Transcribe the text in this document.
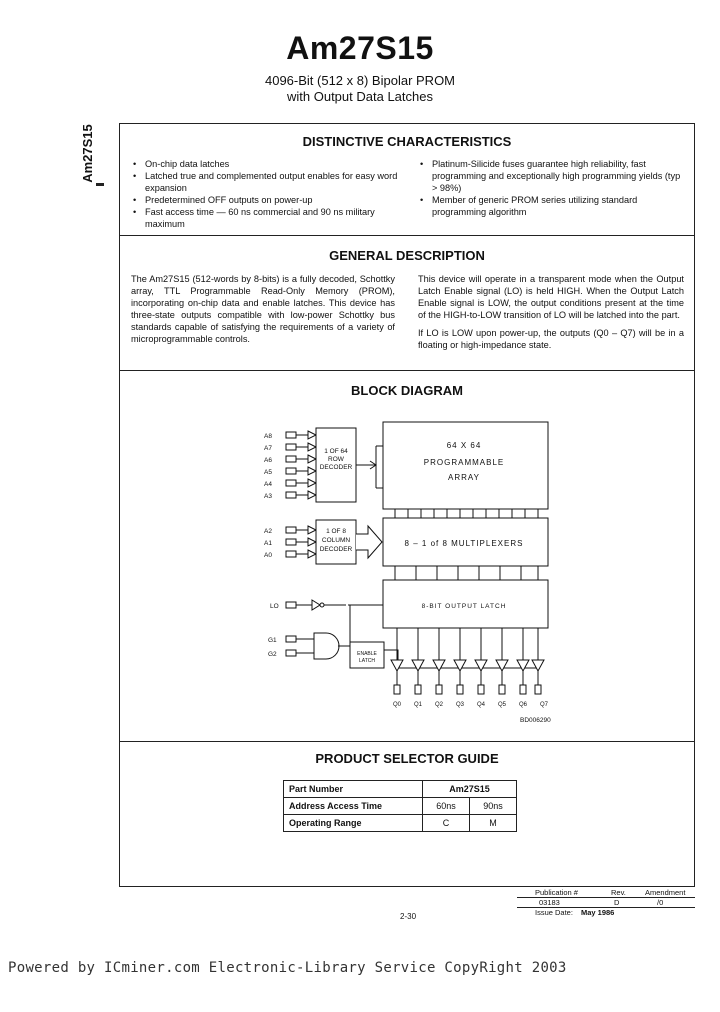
Am27S15
4096-Bit (512 x 8) Bipolar PROM
with Output Data Latches
Am27S15	DISTINCTIVE CHARACTERISTICS
• On-chip data latches
• Latched true and complemented output enables for easy word expansion
• Predetermined OFF outputs on power-up
• Fast access time — 60 ns commercial and 90 ns military maximum
• Platinum-Silicide fuses guarantee high reliability, fast programming and exceptionally high programming yields (typ > 98%)
• Member of generic PROM series utilizing standard programming algorithm
GENERAL DESCRIPTION

The Am27S15 (512-words by 8-bits) is a fully decoded, Schottky array, TTL Programmable Read-Only Memory (PROM), incorporating on-chip data and enable latches. This device has three-state outputs compatible with low-power Schottky bus standards capable of satisfying the requirements of a variety of microprogrammable controls.

This device will operate in a transparent mode when the Output Latch Enable signal (LO) is held HIGH. When the Output Latch Enable signal is LOW, the output conditions present at the time of the HIGH-to-LOW transition of LO will be latched into the part.

If LO is LOW upon power-up, the outputs (Q0 – Q7) will be in a floating or high-impedance state.

BLOCK DIAGRAM
A8
A7
A6
A5
A4
A3
1 OF 64
ROW
DECODER
64 X 64
PROGRAMMABLE
ARRAY
A2
A1
A0
1 OF 8
COLUMN
DECODER
8 – 1 of 8 MULTIPLEXERS
8-BIT OUTPUT LATCH
LO
G1
G2	ENABLE
LATCH
Q0 Q1 Q2 Q3 Q4 Q5 Q6 Q7
BD006290
PRODUCT SELECTOR GUIDE
Part Number	Am27S15	
Address Access Time	60ns	90ns
Operating Range	C	M
Publication #	Rev.	Amendment
03183	D	/0
Issue Date: May 1986
2-30
Powered by ICminer.com Electronic-Library Service CopyRight 2003
